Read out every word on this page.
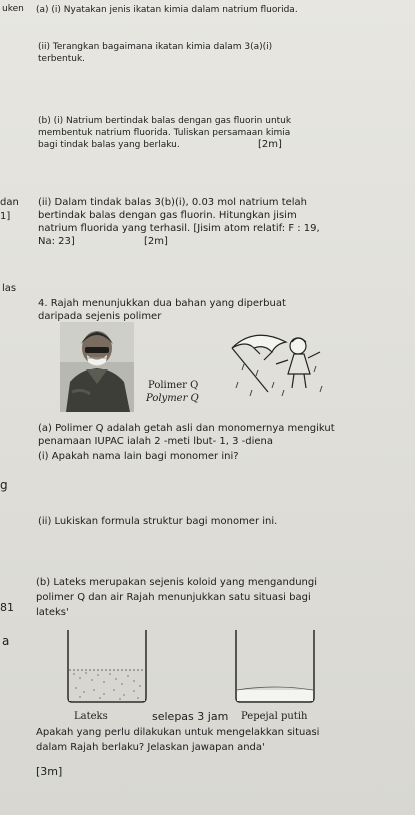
uken
dan
1]
las
g
81
a
(a) (i) Nyatakan jenis ikatan kimia dalam natrium fluorida.
(ii) Terangkan bagaimana ikatan kimia dalam 3(a)(i)
terbentuk.
(b) (i) Natrium bertindak balas dengan gas fluorin untuk
membentuk natrium fluorida. Tuliskan persamaan kimia
bagi tindak balas yang berlaku.	[2m]
(ii) Dalam tindak balas 3(b)(i), 0.03 mol natrium telah
bertindak balas dengan gas fluorin. Hitungkan jisim
natrium fluorida yang terhasil. [Jisim atom relatif: F : 19,
Na: 23]	[2m]
4. Rajah menunjukkan dua bahan yang diperbuat
daripada sejenis polimer
Polimer Q
Polymer Q
(a) Polimer Q adalah getah asli dan monomernya mengikut
penamaan IUPAC ialah 2 -meti lbut- 1, 3 -diena
(i) Apakah nama lain bagi monomer ini?
(ii) Lukiskan formula struktur bagi monomer ini.
(b) Lateks merupakan sejenis koloid yang mengandungi
polimer Q dan air Rajah menunjukkan satu situasi bagi
lateks'
Lateks	selepas 3 jam Pepejal putih
Apakah yang perlu dilakukan untuk mengelakkan situasi
dalam Rajah berlaku? Jelaskan jawapan anda'
[3m]
